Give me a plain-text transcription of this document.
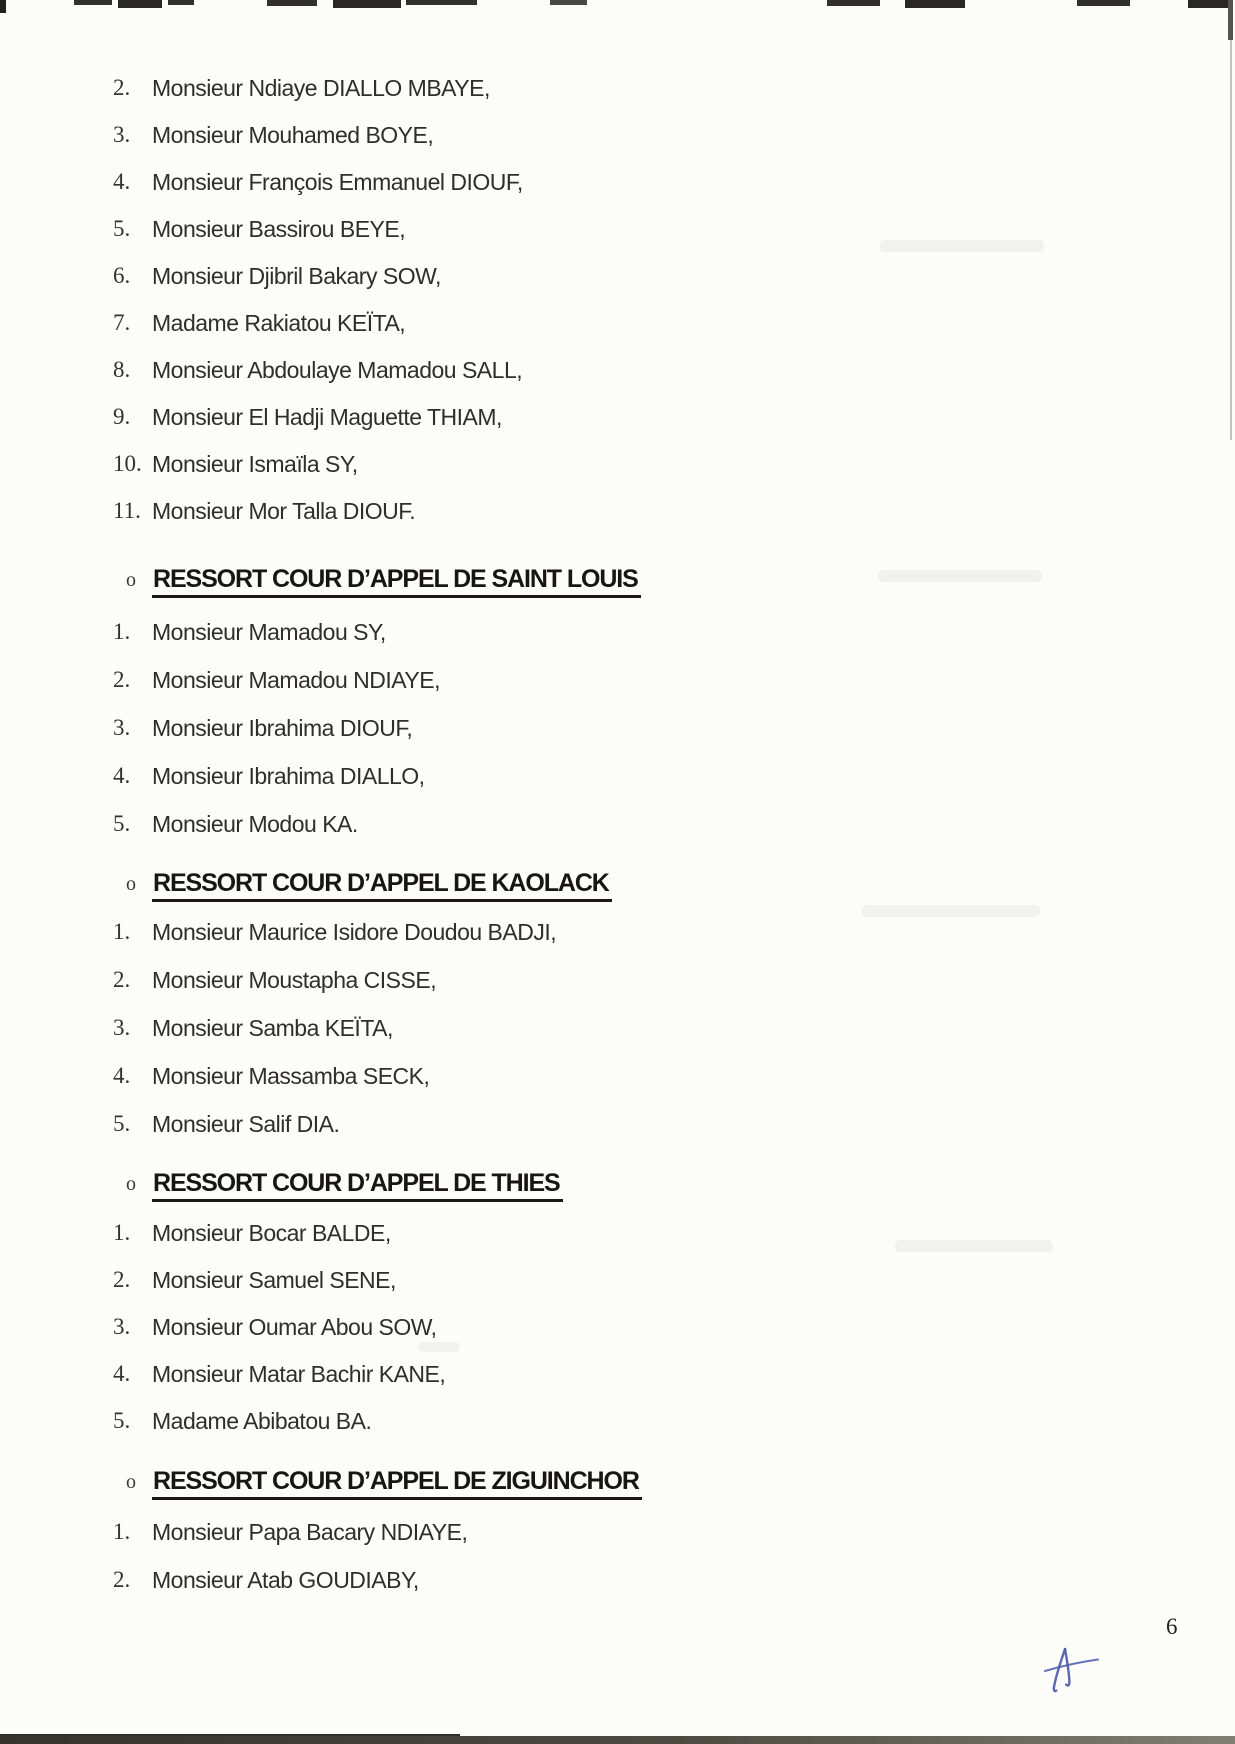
2. Monsieur Ndiaye DIALLO MBAYE,
3. Monsieur Mouhamed BOYE,
4. Monsieur François Emmanuel DIOUF,
5. Monsieur Bassirou BEYE,
6. Monsieur Djibril Bakary SOW,
7. Madame Rakiatou KEÏTA,
8. Monsieur Abdoulaye Mamadou SALL,
9. Monsieur El Hadji Maguette THIAM,
10. Monsieur Ismaïla SY,
11. Monsieur Mor Talla DIOUF.
o RESSORT COUR D’APPEL DE SAINT LOUIS
1. Monsieur Mamadou SY,
2. Monsieur Mamadou NDIAYE,
3. Monsieur Ibrahima DIOUF,
4. Monsieur Ibrahima DIALLO,
5. Monsieur Modou KA.
o RESSORT COUR D’APPEL DE KAOLACK
1. Monsieur Maurice Isidore Doudou BADJI,
2. Monsieur Moustapha CISSE,
3. Monsieur Samba KEÏTA,
4. Monsieur Massamba SECK,
5. Monsieur Salif DIA.
o RESSORT COUR D’APPEL DE THIES
1. Monsieur Bocar BALDE,
2. Monsieur Samuel SENE,
3. Monsieur Oumar Abou SOW,
4. Monsieur Matar Bachir KANE,
5. Madame Abibatou BA.
o RESSORT COUR D’APPEL DE ZIGUINCHOR
1. Monsieur Papa Bacary NDIAYE,
2. Monsieur Atab GOUDIABY,
6
